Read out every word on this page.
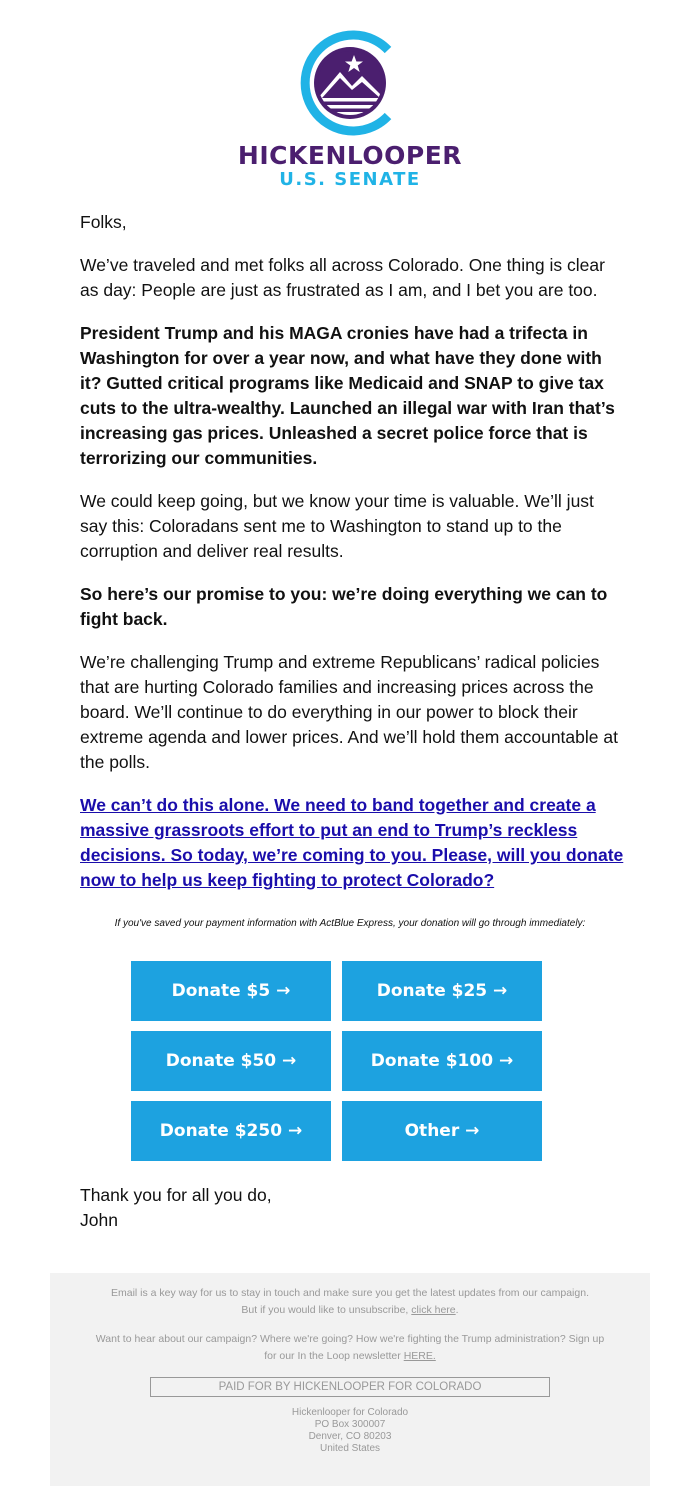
HICKENLOOPER
U.S. SENATE

Folks,

We’ve traveled and met folks all across Colorado. One thing is clear as day: People are just as frustrated as I am, and I bet you are too.

President Trump and his MAGA cronies have had a trifecta in Washington for over a year now, and what have they done with it? Gutted critical programs like Medicaid and SNAP to give tax cuts to the ultra-wealthy. Launched an illegal war with Iran that’s increasing gas prices. Unleashed a secret police force that is terrorizing our communities.

We could keep going, but we know your time is valuable. We’ll just say this: Coloradans sent me to Washington to stand up to the corruption and deliver real results.

So here’s our promise to you: we’re doing everything we can to fight back.

We’re challenging Trump and extreme Republicans’ radical policies that are hurting Colorado families and increasing prices across the board. We’ll continue to do everything in our power to block their extreme agenda and lower prices. And we’ll hold them accountable at the polls.

We can’t do this alone. We need to band together and create a massive grassroots effort to put an end to Trump’s reckless decisions. So today, we’re coming to you. Please, will you donate now to help us keep fighting to protect Colorado?

If you've saved your payment information with ActBlue Express, your donation will go through immediately:
Donate $5 →	Donate $25 →
Donate $50 →	Donate $100 →
Donate $250 →	Other →
Thank you for all you do,
John

Email is a key way for us to stay in touch and make sure you get the latest updates from our campaign. But if you would like to unsubscribe, click here.

Want to hear about our campaign? Where we're going? How we're fighting the Trump administration? Sign up for our In the Loop newsletter HERE.

PAID FOR BY HICKENLOOPER FOR COLORADO
Hickenlooper for Colorado
PO Box 300007
Denver, CO 80203
United States
